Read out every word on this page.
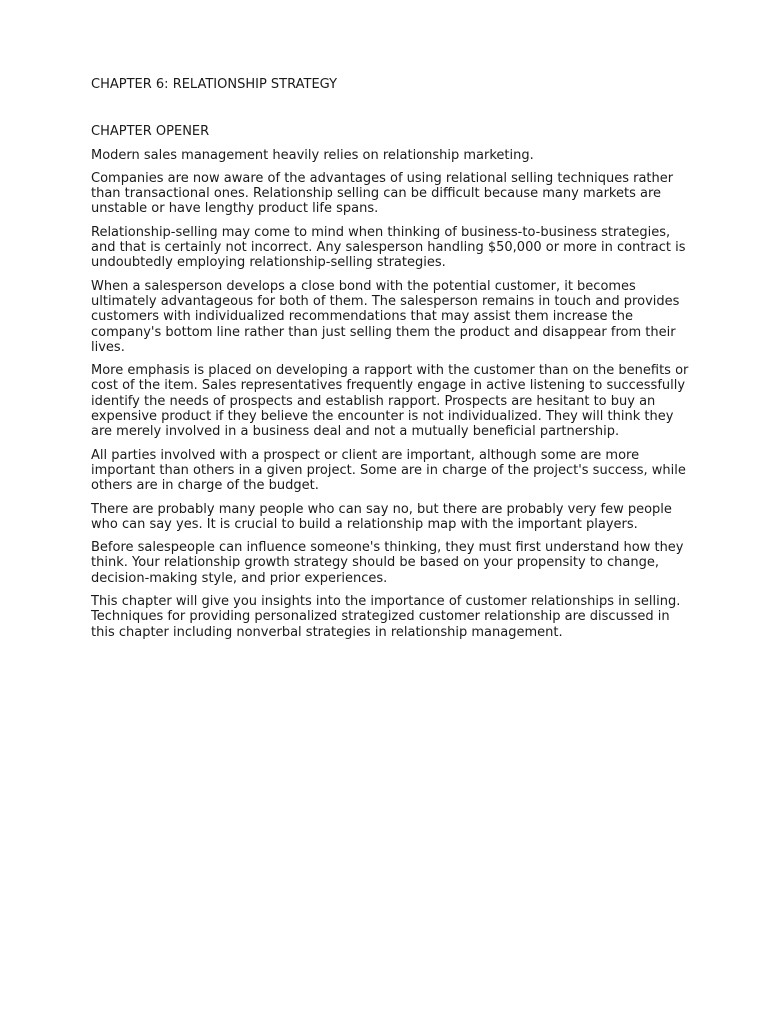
CHAPTER 6: RELATIONSHIP STRATEGY
CHAPTER OPENER

Modern sales management heavily relies on relationship marketing.

Companies are now aware of the advantages of using relational selling techniques rather than transactional ones. Relationship selling can be difficult because many markets are unstable or have lengthy product life spans.

Relationship-selling may come to mind when thinking of business-to-business strategies, and that is certainly not incorrect. Any salesperson handling $50,000 or more in contract is undoubtedly employing relationship-selling strategies.

When a salesperson develops a close bond with the potential customer, it becomes ultimately advantageous for both of them. The salesperson remains in touch and provides customers with individualized recommendations that may assist them increase the company's bottom line rather than just selling them the product and disappear from their lives.

More emphasis is placed on developing a rapport with the customer than on the benefits or cost of the item. Sales representatives frequently engage in active listening to successfully identify the needs of prospects and establish rapport. Prospects are hesitant to buy an expensive product if they believe the encounter is not individualized. They will think they are merely involved in a business deal and not a mutually beneficial partnership.

All parties involved with a prospect or client are important, although some are more important than others in a given project. Some are in charge of the project's success, while others are in charge of the budget.

There are probably many people who can say no, but there are probably very few people who can say yes. It is crucial to build a relationship map with the important players.

Before salespeople can influence someone's thinking, they must first understand how they think. Your relationship growth strategy should be based on your propensity to change, decision-making style, and prior experiences.

This chapter will give you insights into the importance of customer relationships in selling. Techniques for providing personalized strategized customer relationship are discussed in this chapter including nonverbal strategies in relationship management.
